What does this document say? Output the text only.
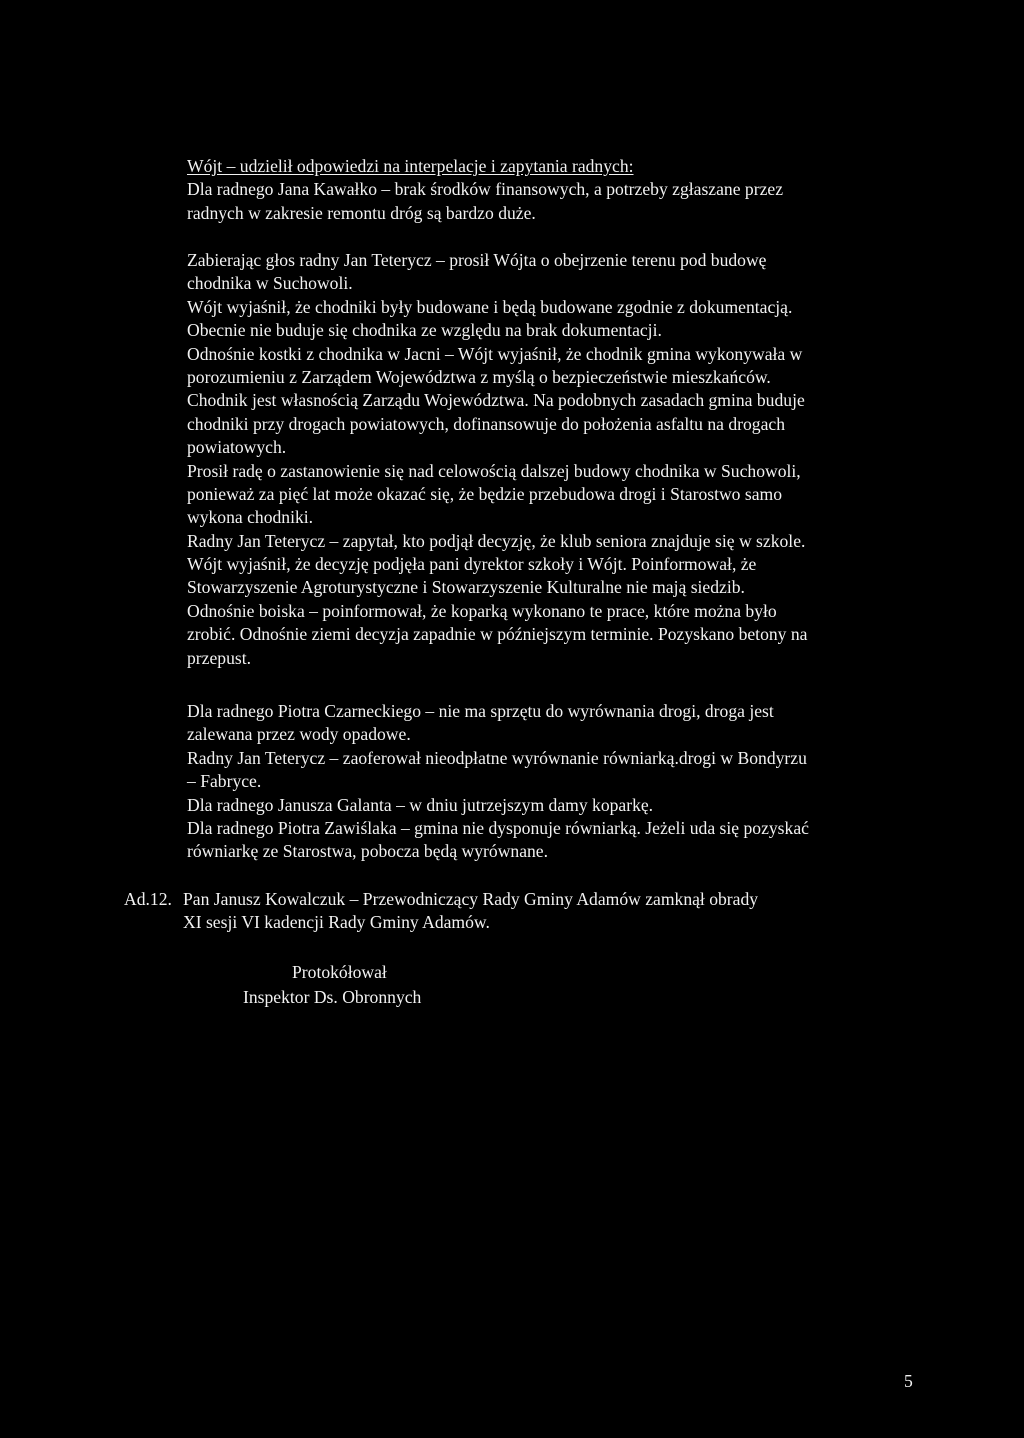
Wójt – udzielił odpowiedzi na interpelacje i zapytania radnych:
Dla radnego Jana Kawałko – brak środków finansowych, a potrzeby zgłaszane przez
radnych w zakresie remontu dróg są bardzo duże.
Zabierając głos radny Jan Teterycz – prosił Wójta o obejrzenie terenu pod budowę
chodnika w Suchowoli.
Wójt wyjaśnił, że chodniki były budowane i będą budowane zgodnie z dokumentacją.
Obecnie nie buduje się chodnika ze względu na brak dokumentacji.
Odnośnie kostki z chodnika w Jacni – Wójt wyjaśnił, że chodnik gmina wykonywała w
porozumieniu z Zarządem Województwa z myślą o bezpieczeństwie mieszkańców.
Chodnik jest własnością Zarządu Województwa. Na podobnych zasadach gmina buduje
chodniki przy drogach powiatowych, dofinansowuje do położenia asfaltu na drogach
powiatowych.
Prosił radę o zastanowienie się nad celowością dalszej budowy chodnika w Suchowoli,
ponieważ za pięć lat może okazać się, że będzie przebudowa drogi i Starostwo samo
wykona chodniki.
Radny Jan Teterycz – zapytał, kto podjął decyzję, że klub seniora znajduje się w szkole.
Wójt wyjaśnił, że decyzję podjęła pani dyrektor szkoły i Wójt. Poinformował, że
Stowarzyszenie Agroturystyczne i Stowarzyszenie Kulturalne nie mają siedzib.
Odnośnie boiska – poinformował, że koparką wykonano te prace, które można było
zrobić. Odnośnie ziemi decyzja zapadnie w późniejszym terminie. Pozyskano betony na
przepust.
Dla radnego Piotra Czarneckiego – nie ma sprzętu do wyrównania drogi, droga jest
zalewana przez wody opadowe.
Radny Jan Teterycz – zaoferował nieodpłatne wyrównanie równiarką.drogi w Bondyrzu
– Fabryce.
Dla radnego Janusza Galanta – w dniu jutrzejszym damy koparkę.
Dla radnego Piotra Zawiślaka – gmina nie dysponuje równiarką. Jeżeli uda się pozyskać
równiarkę ze Starostwa, pobocza będą wyrównane.
Ad.12. Pan Janusz Kowalczuk – Przewodniczący Rady Gminy Adamów zamknął obrady
XI sesji VI kadencji Rady Gminy Adamów.
Protokółował
Inspektor Ds. Obronnych
5
